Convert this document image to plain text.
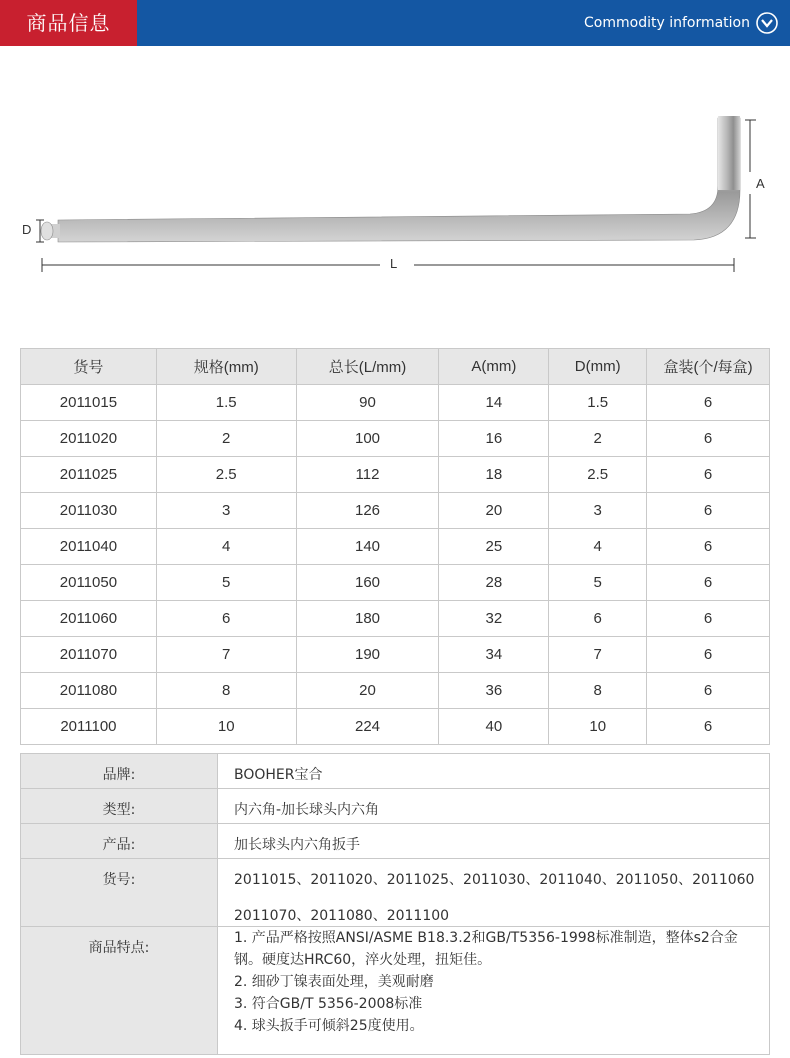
商品信息	Commodity information
D
L
A
货号	规格(mm)	总长(L/mm)	A(mm)	D(mm)	盒装(个/每盒)
2011015	1.5	90	14	1.5	6
2011020	2	100	16	2	6
2011025	2.5	112	18	2.5	6
2011030	3	126	20	3	6
2011040	4	140	25	4	6
2011050	5	160	28	5	6
2011060	6	180	32	6	6
2011070	7	190	34	7	6
2011080	8	20	36	8	6
2011100	10	224	40	10	6
品牌:	BOOHER宝合
类型:	内六角-加长球头内六角
产品:	加长球头内六角扳手
货号:	2011015、2011020、2011025、2011030、2011040、2011050、2011060

2011070、2011080、2011100

商品特点:	1. 产品严格按照ANSI/ASME B18.3.2和GB/T5356-1998标准制造，整体s2合金钢。硬度达HRC60，淬火处理，扭矩佳。

2. 细砂丁镍表面处理，美观耐磨

3. 符合GB/T 5356-2008标准

4. 球头扳手可倾斜25度使用。
